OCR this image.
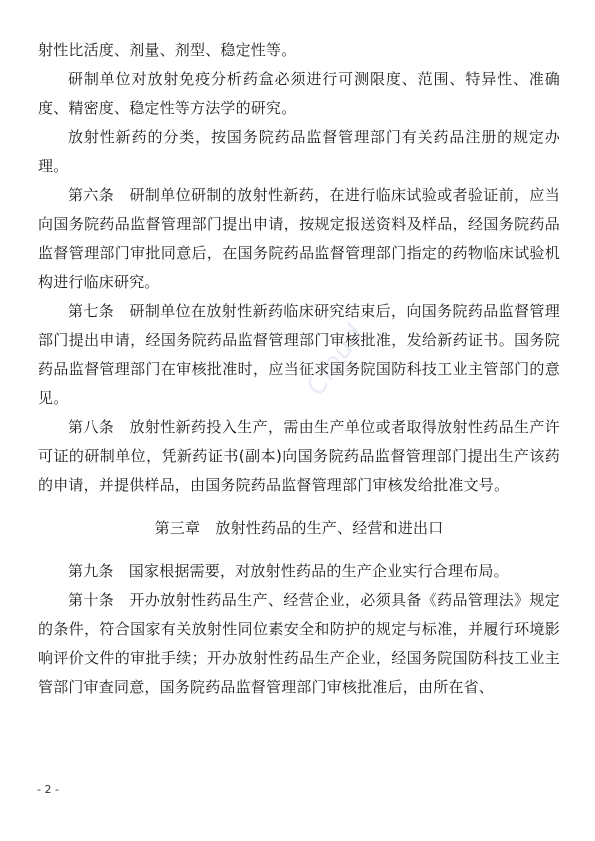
Cloud

射性比活度、剂量、剂型、稳定性等。

研制单位对放射免疫分析药盒必须进行可测限度、范围、特异性、准确度、精密度、稳定性等方法学的研究。

放射性新药的分类，按国务院药品监督管理部门有关药品注册的规定办理。

第六条　研制单位研制的放射性新药，在进行临床试验或者验证前，应当向国务院药品监督管理部门提出申请，按规定报送资料及样品，经国务院药品监督管理部门审批同意后，在国务院药品监督管理部门指定的药物临床试验机构进行临床研究。

第七条　研制单位在放射性新药临床研究结束后，向国务院药品监督管理部门提出申请，经国务院药品监督管理部门审核批准，发给新药证书。国务院药品监督管理部门在审核批准时，应当征求国务院国防科技工业主管部门的意见。

第八条　放射性新药投入生产，需由生产单位或者取得放射性药品生产许可证的研制单位，凭新药证书(副本)向国务院药品监督管理部门提出生产该药的申请，并提供样品，由国务院药品监督管理部门审核发给批准文号。

第三章　放射性药品的生产、经营和进出口

第九条　国家根据需要，对放射性药品的生产企业实行合理布局。

第十条　开办放射性药品生产、经营企业，必须具备《药品管理法》规定的条件，符合国家有关放射性同位素安全和防护的规定与标准，并履行环境影响评价文件的审批手续；开办放射性药品生产企业，经国务院国防科技工业主管部门审查同意，国务院药品监督管理部门审核批准后，由所在省、

- 2 -
